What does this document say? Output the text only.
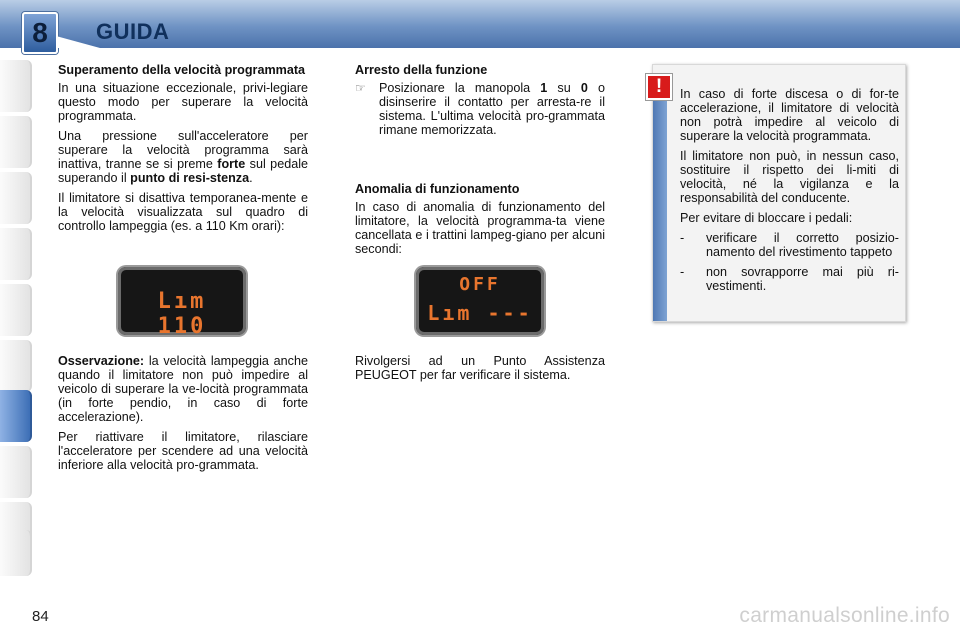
8	GUIDA
Superamento della velocità programmata

In una situazione eccezionale, privi-legiare questo modo per superare la velocità programmata.

Una pressione sull'acceleratore per superare la velocità programma sarà inattiva, tranne se si preme forte sul pedale superando il punto di resi-stenza.

Il limitatore si disattiva temporanea-mente e la velocità visualizzata sul quadro di controllo lampeggia (es. a 110 Km orari):

Lım 110

Osservazione: la velocità lampeggia anche quando il limitatore non può impedire al veicolo di superare la ve-locità programmata (in forte pendio, in caso di forte accelerazione).

Per riattivare il limitatore, rilasciare l'acceleratore per scendere ad una velocità inferiore alla velocità pro-grammata.

Arresto della funzione
☞	Posizionare la manopola 1 su 0 o disinserire il contatto per arresta-re il sistema. L'ultima velocità pro-grammata rimane memorizzata.
Anomalia di funzionamento

In caso di anomalia di funzionamento del limitatore, la velocità programma-ta viene cancellata e i trattini lampeg-giano per alcuni secondi:

OFF
Lım ---

Rivolgersi ad un Punto Assistenza PEUGEOT per far verificare il sistema.

In caso di forte discesa o di for-te accelerazione, il limitatore di velocità non potrà impedire al veicolo di superare la velocità programmata.

Il limitatore non può, in nessun caso, sostituire il rispetto dei li-miti di velocità, né la vigilanza e la responsabilità del conducente.

Per evitare di bloccare i pedali:

-	verificare il corretto posizio-namento del rivestimento tappeto
-	non sovrapporre mai più ri-vestimenti.
!
84	carmanualsonline.info
